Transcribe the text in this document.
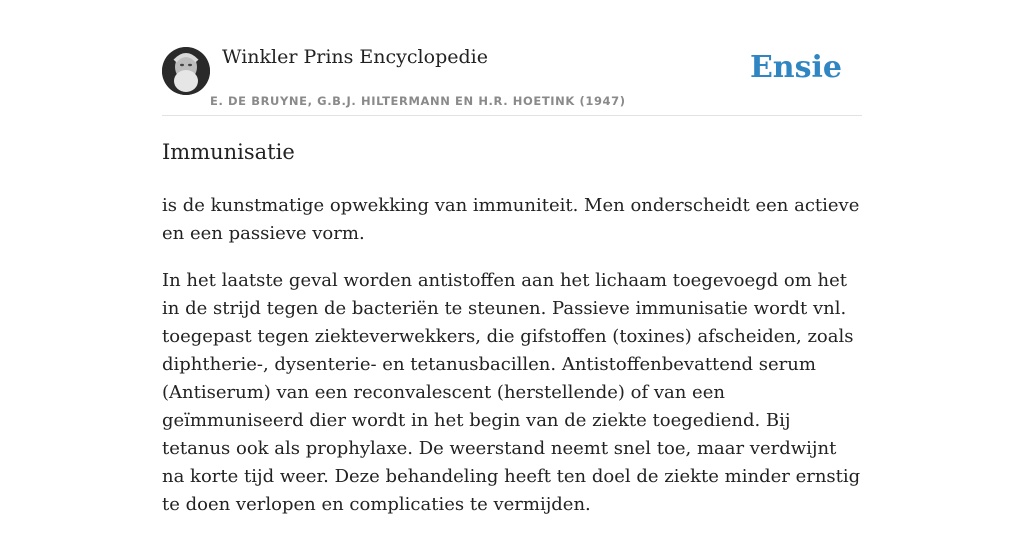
Winkler Prins Encyclopedie
E. DE BRUYNE, G.B.J. HILTERMANN EN H.R. HOETINK (1947)
Ensie
Immunisatie

is de kunstmatige opwekking van immuniteit. Men onderscheidt een actieve en een passieve vorm.

In het laatste geval worden antistoffen aan het lichaam toegevoegd om het in de strijd tegen de bacteriën te steunen. Passieve immunisatie wordt vnl. toegepast tegen ziekteverwekkers, die gifstoffen (toxines) afscheiden, zoals diphtherie-, dysenterie- en tetanusbacillen. Antistoffenbevattend serum (Antiserum) van een reconvalescent (herstellende) of van een geïmmuniseerd dier wordt in het begin van de ziekte toegediend. Bij tetanus ook als prophylaxe. De weerstand neemt snel toe, maar verdwijnt na korte tijd weer. Deze behandeling heeft ten doel de ziekte minder ernstig te doen verlopen en complicaties te vermijden.
